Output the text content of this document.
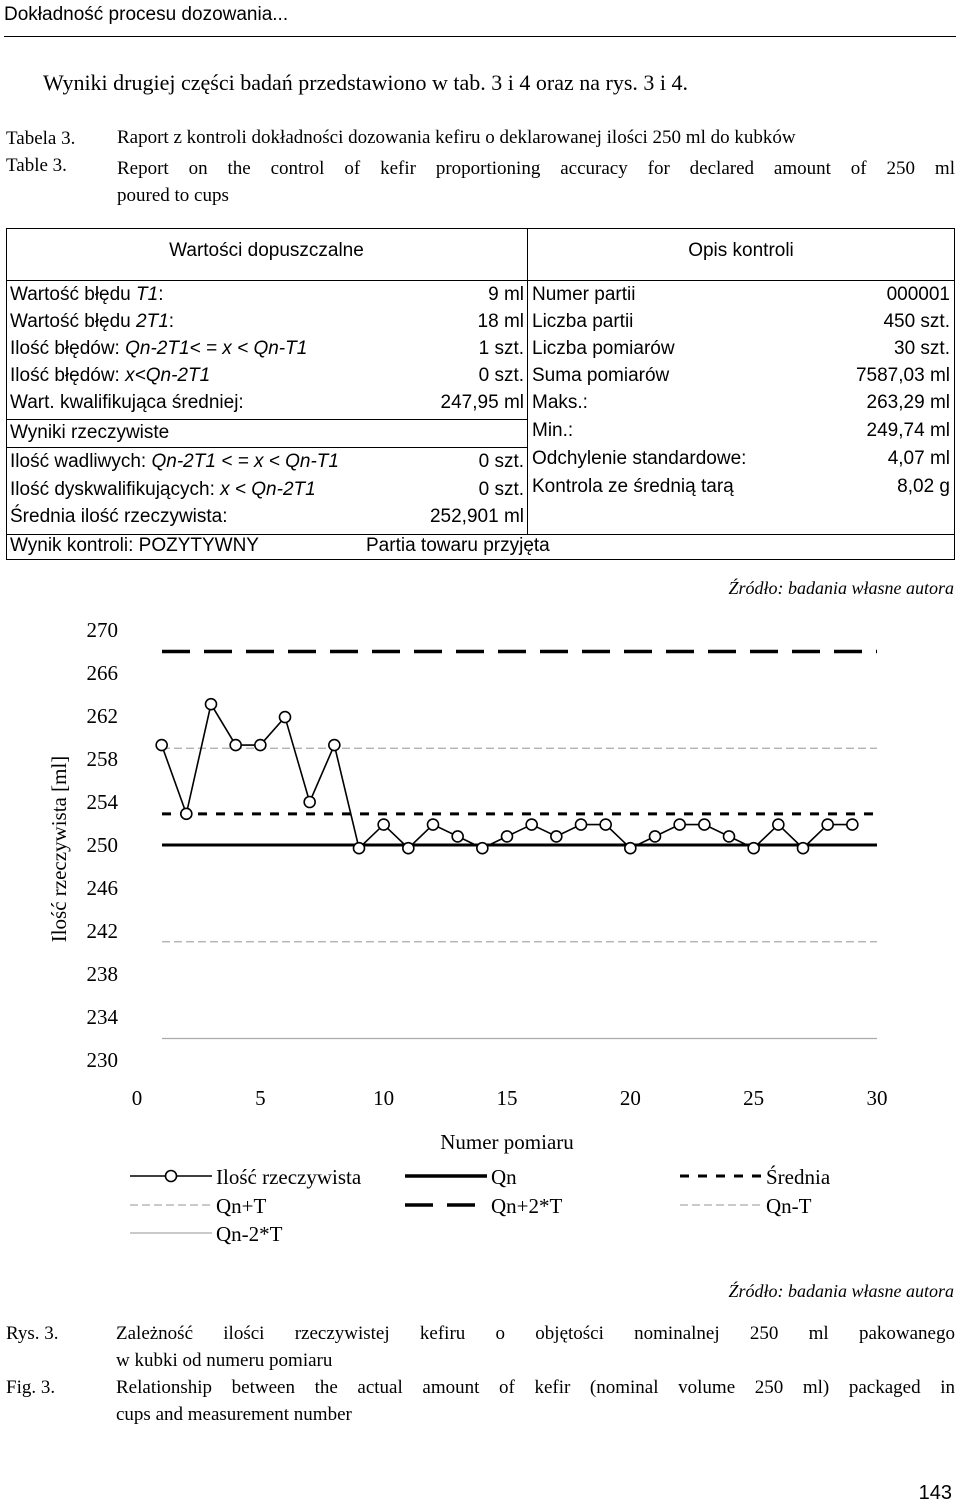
Dokładność procesu dozowania...
Wyniki drugiej części badań przedstawiono w tab. 3 i 4 oraz na rys. 3 i 4.
Tabela 3.
Table 3.
Raport z kontroli dokładności dozowania kefiru o deklarowanej ilości 250 ml do kubków
Report on the control of kefir proportioning accuracy for declared amount of 250 ml
poured to cups
Wartości dopuszczalne	Opis kontroli
Wartość błędu T1:	9 ml
Wartość błędu 2T1:	18 ml
Ilość błędów: Qn-2T1< = x < Qn-T1	1 szt.
Ilość błędów: x<Qn-2T1	0 szt.
Wart. kwalifikująca średniej:	247,95 ml
Wyniki rzeczywiste
Ilość wadliwych: Qn-2T1 < = x < Qn-T1	0 szt.
Ilość dyskwalifikujących: x < Qn-2T1	0 szt.
Średnia ilość rzeczywista:	252,901 ml
Numer partii	000001
Liczba partii	450 szt.
Liczba pomiarów	30 szt.
Suma pomiarów	7587,03 ml
Maks.:	263,29 ml
Min.:	249,74 ml
Odchylenie standardowe:	4,07 ml
Kontrola ze średnią tarą	8,02 g
Wynik kontroli: POZYTYWNY	Partia towaru przyjęta
Źródło: badania własne autora
Ilość rzeczywista [ml]
Numer pomiaru
270
266
262
258
254
250
246
242
238
234
230
0	5	10	15	20	25	30
Ilość rzeczywista	Qn	Średnia
Qn+T	Qn+2*T	Qn-T
Qn-2*T
Źródło: badania własne autora
Rys. 3.
Fig. 3.
Zależność ilości rzeczywistej kefiru o objętości nominalnej 250 ml pakowanego
w kubki od numeru pomiaru
Relationship between the actual amount of kefir (nominal volume 250 ml) packaged in
cups and measurement number
143
